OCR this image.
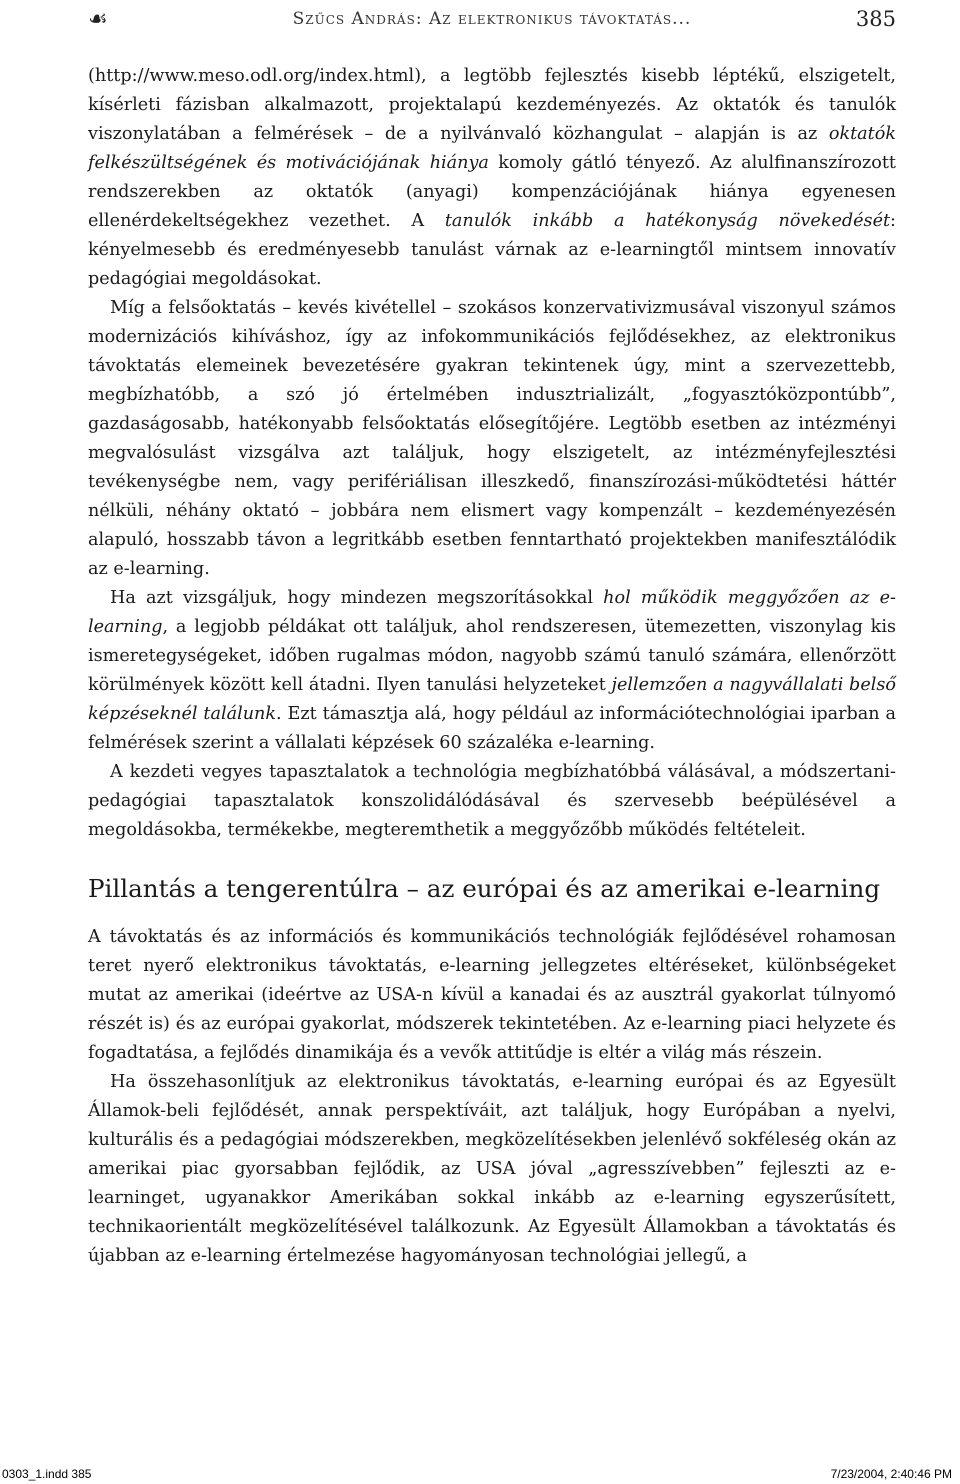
☙	Szűcs András: Az elektronikus távoktatás...	385

(http://www.meso.odl.org/index.html), a legtöbb fejlesztés kisebb léptékű, elszigetelt, kísérleti fázisban alkalmazott, projektalapú kezdeményezés. Az oktatók és tanulók viszonylatában a felmérések – de a nyilvánvaló közhangulat – alapján is az oktatók felkészültségének és motivációjának hiánya komoly gátló tényező. Az alulfinanszírozott rendszerekben az oktatók (anyagi) kompenzációjának hiánya egyenesen ellenérdekeltségekhez vezethet. A tanulók inkább a hatékonyság növekedését: kényelmesebb és eredményesebb tanulást várnak az e-learningtől mintsem innovatív pedagógiai megoldásokat.

Míg a felsőoktatás – kevés kivétellel – szokásos konzervativizmusával viszonyul számos modernizációs kihíváshoz, így az infokommunikációs fejlődésekhez, az elektronikus távoktatás elemeinek bevezetésére gyakran tekintenek úgy, mint a szervezettebb, megbízhatóbb, a szó jó értelmében indusztrializált, „fogyasztóközpontúbb”, gazdaságosabb, hatékonyabb felsőoktatás elősegítőjére. Legtöbb esetben az intézményi megvalósulást vizsgálva azt találjuk, hogy elszigetelt, az intézményfejlesztési tevékenységbe nem, vagy perifériálisan illeszkedő, finanszírozási-működtetési háttér nélküli, néhány oktató – jobbára nem elismert vagy kompenzált – kezdeményezésén alapuló, hosszabb távon a legritkább esetben fenntartható projektekben manifesztálódik az e-learning.

Ha azt vizsgáljuk, hogy mindezen megszorításokkal hol működik meggyőzően az e-learning, a legjobb példákat ott találjuk, ahol rendszeresen, ütemezetten, viszonylag kis ismeretegységeket, időben rugalmas módon, nagyobb számú tanuló számára, ellenőrzött körülmények között kell átadni. Ilyen tanulási helyzeteket jellemzően a nagyvállalati belső képzéseknél találunk. Ezt támasztja alá, hogy például az információtechnológiai iparban a felmérések szerint a vállalati képzések 60 százaléka e-learning.

A kezdeti vegyes tapasztalatok a technológia megbízhatóbbá válásával, a módszertani-pedagógiai tapasztalatok konszolidálódásával és szervesebb beépülésével a megoldásokba, termékekbe, megteremthetik a meggyőzőbb működés feltételeit.

Pillantás a tengerentúlra – az európai és az amerikai e-learning

A távoktatás és az információs és kommunikációs technológiák fejlődésével rohamosan teret nyerő elektronikus távoktatás, e-learning jellegzetes eltéréseket, különbségeket mutat az amerikai (ideértve az USA-n kívül a kanadai és az ausztrál gyakorlat túlnyomó részét is) és az európai gyakorlat, módszerek tekintetében. Az e-learning piaci helyzete és fogadtatása, a fejlődés dinamikája és a vevők attitűdje is eltér a világ más részein.

Ha összehasonlítjuk az elektronikus távoktatás, e-learning európai és az Egyesült Államok-beli fejlődését, annak perspektíváit, azt találjuk, hogy Európában a nyelvi, kulturális és a pedagógiai módszerekben, megközelítésekben jelenlévő sokféleség okán az amerikai piac gyorsabban fejlődik, az USA jóval „agresszívebben” fejleszti az e-learninget, ugyanakkor Amerikában sokkal inkább az e-learning egyszerűsített, technikaorientált megközelítésével találkozunk. Az Egyesült Államokban a távoktatás és újabban az e-learning értelmezése hagyományosan technológiai jellegű, a

0303_1.indd 385	7/23/2004, 2:40:46 PM
